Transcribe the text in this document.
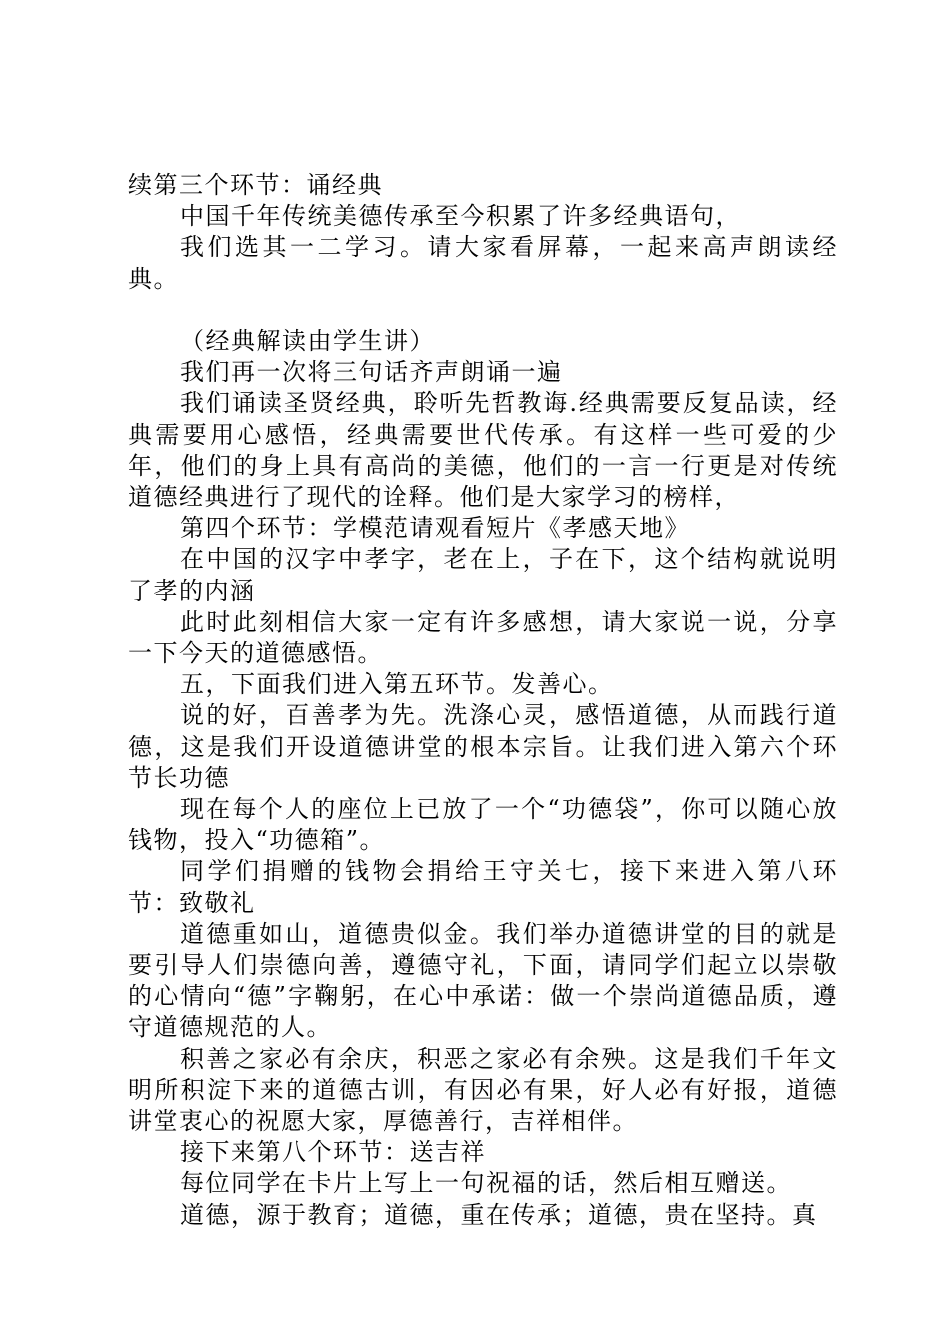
续第三个环节：诵经典

中国千年传统美德传承至今积累了许多经典语句，

我们选其一二学习。请大家看屏幕，一起来高声朗读经典。

（经典解读由学生讲）

我们再一次将三句话齐声朗诵一遍

我们诵读圣贤经典，聆听先哲教诲.经典需要反复品读，经典需要用心感悟，经典需要世代传承。有这样一些可爱的少年，他们的身上具有高尚的美德，他们的一言一行更是对传统道德经典进行了现代的诠释。他们是大家学习的榜样，

第四个环节：学模范请观看短片《孝感天地》

在中国的汉字中孝字，老在上，子在下，这个结构就说明了孝的内涵

此时此刻相信大家一定有许多感想，请大家说一说，分享一下今天的道德感悟。

五，下面我们进入第五环节。发善心。

说的好，百善孝为先。洗涤心灵，感悟道德，从而践行道德，这是我们开设道德讲堂的根本宗旨。让我们进入第六个环节长功德

现在每个人的座位上已放了一个“功德袋”，你可以随心放钱物，投入“功德箱”。

同学们捐赠的钱物会捐给王守关七，接下来进入第八环节：致敬礼

道德重如山，道德贵似金。我们举办道德讲堂的目的就是要引导人们崇德向善，遵德守礼，下面，请同学们起立以崇敬的心情向“德”字鞠躬，在心中承诺：做一个崇尚道德品质，遵守道德规范的人。

积善之家必有余庆，积恶之家必有余殃。这是我们千年文明所积淀下来的道德古训，有因必有果，好人必有好报，道德讲堂衷心的祝愿大家，厚德善行，吉祥相伴。

接下来第八个环节：送吉祥

每位同学在卡片上写上一句祝福的话，然后相互赠送。

道德，源于教育；道德，重在传承；道德，贵在坚持。真
